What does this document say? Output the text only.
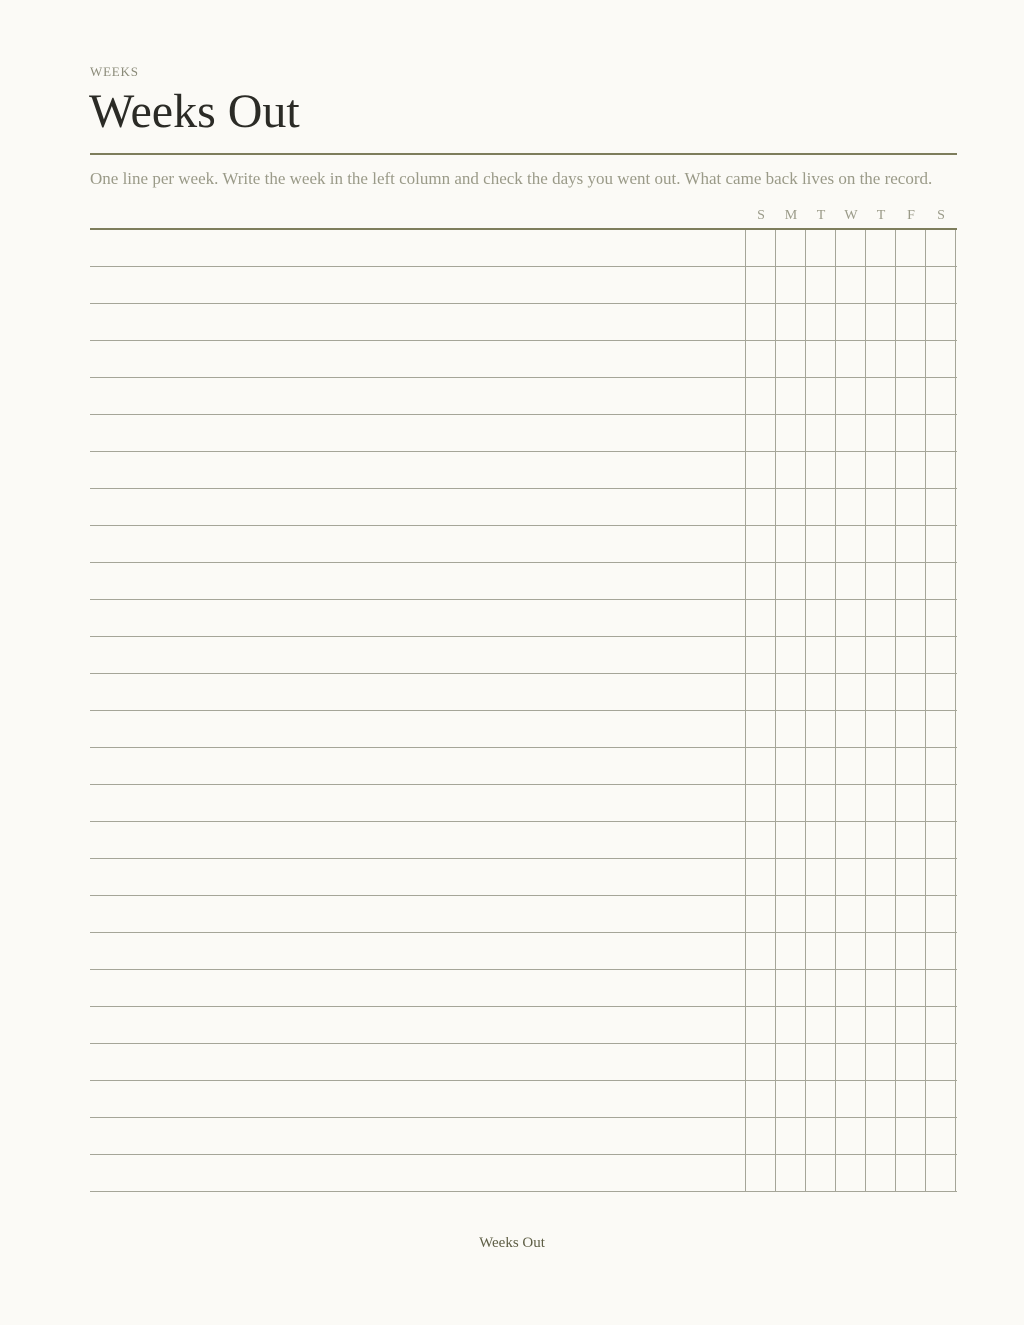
WEEKS
Weeks Out

One line per week. Write the week in the left column and check the days you went out. What came back lives on the record.

S	M	T	W	T	F	S
Weeks Out
